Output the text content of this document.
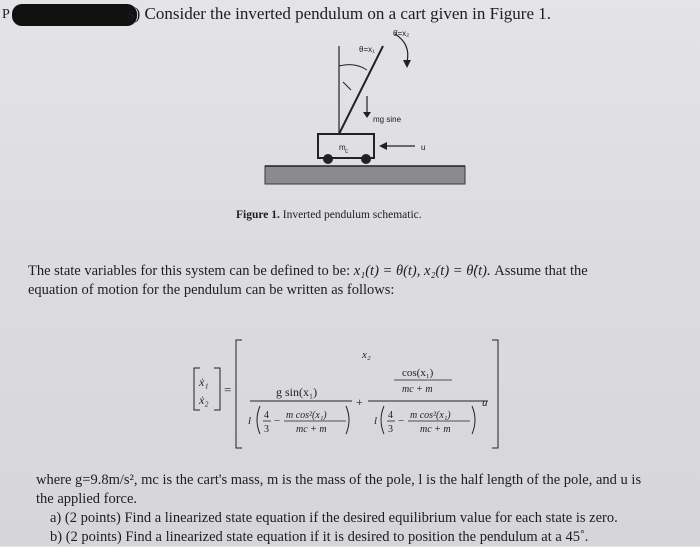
P	s) Consider the inverted pendulum on a cart given in Figure 1.
θ̇=x₂
θ=x₁
mg sine
m c	u
Figure 1. Inverted pendulum schematic.
The state variables for this system can be defined to be: x₁(t) = θ(t), x₂(t) = θ̇(t). Assume that the
equation of motion for the pendulum can be written as follows:
ẋ₁
ẋ₂
=
x₂
g sin(x₁)
l 4
3
− m cos²(x₁)
mc + m
+
cos(x₁)
mc + m
l 4
3
− m cos²(x₁)
mc + m
u
where g=9.8m/s², mc is the cart's mass, m is the mass of the pole, l is the half length of the pole, and u is
the applied force.
a) (2 points) Find a linearized state equation if the desired equilibrium value for each state is zero.
b) (2 points) Find a linearized state equation if it is desired to position the pendulum at a 45˚.
